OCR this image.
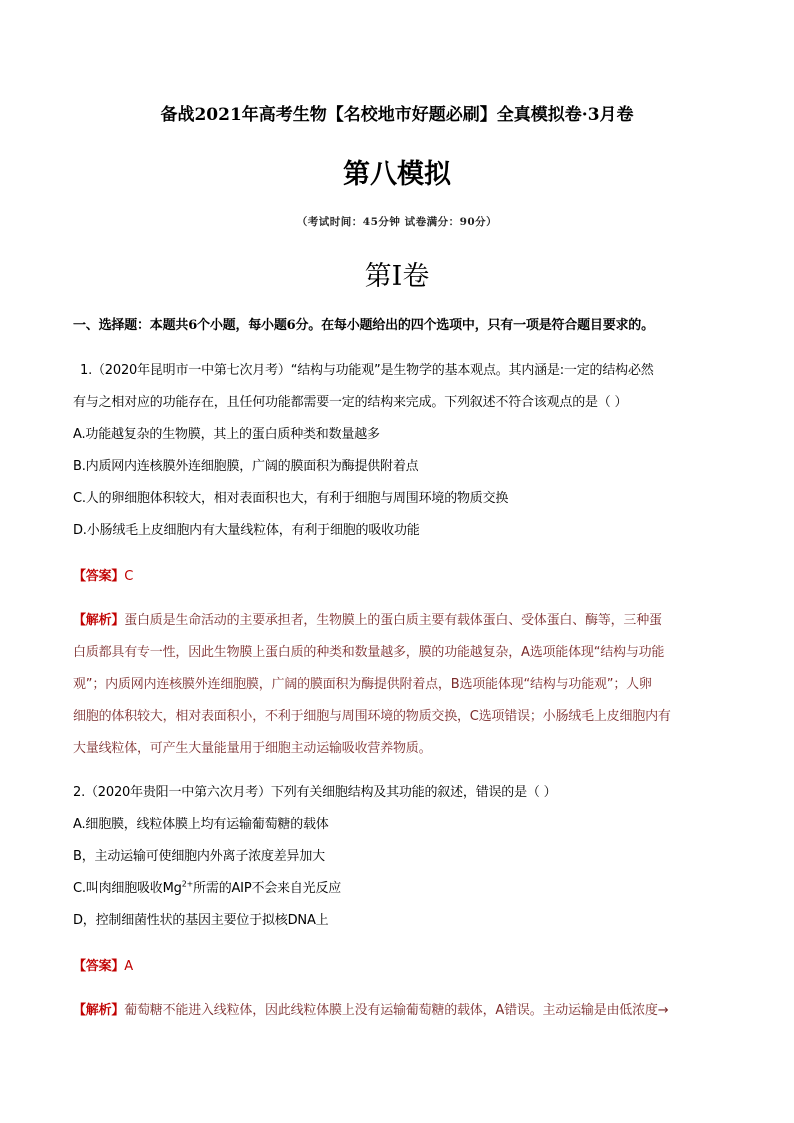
备战2021年高考生物【名校地市好题必刷】全真模拟卷·3月卷
第八模拟
（考试时间：45分钟 试卷满分：90分）
第I卷
一、选择题：本题共6个小题，每小题6分。在每小题给出的四个选项中，只有一项是符合题目要求的。
1.（2020年昆明市一中第七次月考）“结构与功能观”是生物学的基本观点。其内涵是:一定的结构必然
有与之相对应的功能存在，且任何功能都需要一定的结构来完成。下列叙述不符合该观点的是（ ）
A.功能越复杂的生物膜，其上的蛋白质种类和数量越多
B.内质网内连核膜外连细胞膜，广阔的膜面积为酶提供附着点
C.人的卵细胞体积较大，相对表面积也大，有利于细胞与周围环境的物质交换
D.小肠绒毛上皮细胞内有大量线粒体，有利于细胞的吸收功能
【答案】C
【解析】蛋白质是生命活动的主要承担者，生物膜上的蛋白质主要有载体蛋白、受体蛋白、酶等，三种蛋
白质都具有专一性，因此生物膜上蛋白质的种类和数量越多，膜的功能越复杂，A选项能体现“结构与功能
观”；内质网内连核膜外连细胞膜，广阔的膜面积为酶提供附着点，B选项能体现“结构与功能观”；人卵
细胞的体积较大，相对表面积小，不利于细胞与周围环境的物质交换，C选项错误；小肠绒毛上皮细胞内有
大量线粒体，可产生大量能量用于细胞主动运输吸收营养物质。
2.（2020年贵阳一中第六次月考）下列有关细胞结构及其功能的叙述，错误的是（ ）
A.细胞膜，线粒体膜上均有运输葡萄糖的载体
B，主动运输可使细胞内外离子浓度差异加大
C.叫肉细胞吸收$Mg^{2+}$所需的AIP不会来自光反应
D，控制细菌性状的基因主要位于拟核DNA上
【答案】A
【解析】葡萄糖不能进入线粒体，因此线粒体膜上没有运输葡萄糖的载体，A错误。主动运输是由低浓度→
